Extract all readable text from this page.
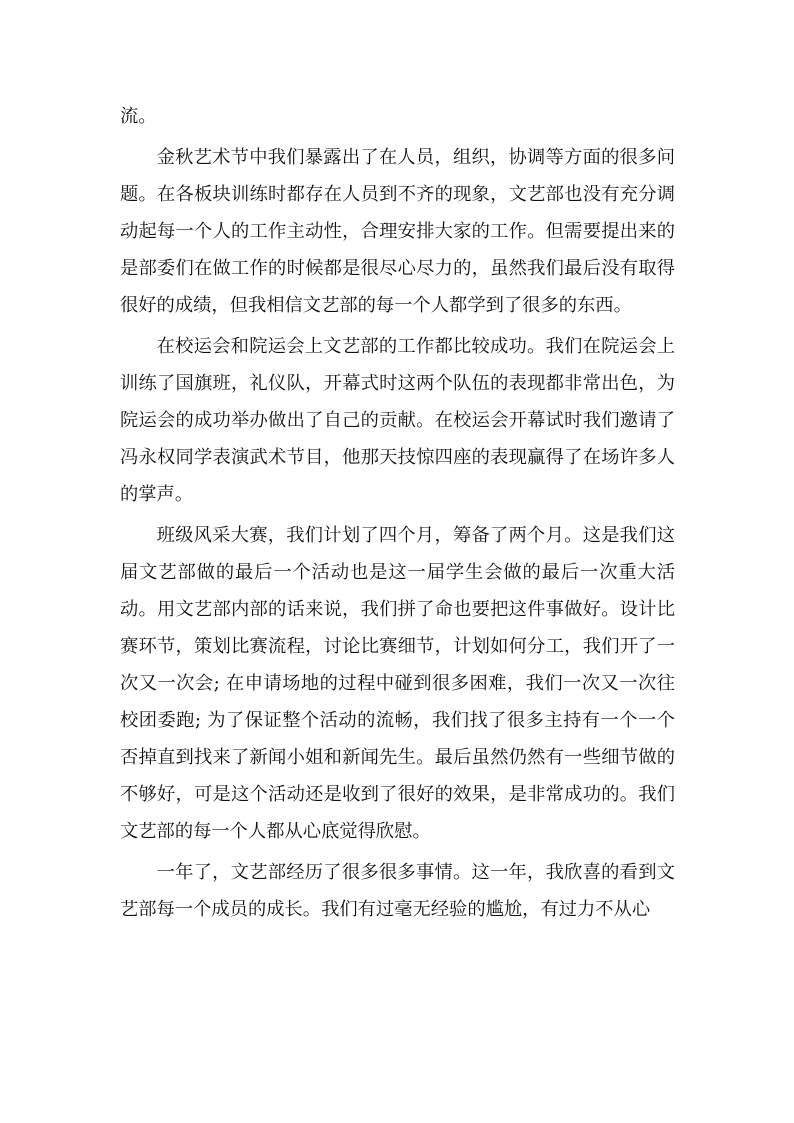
流。

金秋艺术节中我们暴露出了在人员，组织，协调等方面的很多问题。在各板块训练时都存在人员到不齐的现象，文艺部也没有充分调动起每一个人的工作主动性，合理安排大家的工作。但需要提出来的是部委们在做工作的时候都是很尽心尽力的，虽然我们最后没有取得很好的成绩，但我相信文艺部的每一个人都学到了很多的东西。

在校运会和院运会上文艺部的工作都比较成功。我们在院运会上训练了国旗班，礼仪队，开幕式时这两个队伍的表现都非常出色，为院运会的成功举办做出了自己的贡献。在校运会开幕试时我们邀请了冯永权同学表演武术节目，他那天技惊四座的表现赢得了在场许多人的掌声。

班级风采大赛，我们计划了四个月，筹备了两个月。这是我们这届文艺部做的最后一个活动也是这一届学生会做的最后一次重大活动。用文艺部内部的话来说，我们拼了命也要把这件事做好。设计比赛环节，策划比赛流程，讨论比赛细节，计划如何分工，我们开了一次又一次会; 在申请场地的过程中碰到很多困难，我们一次又一次往校团委跑; 为了保证整个活动的流畅，我们找了很多主持有一个一个否掉直到找来了新闻小姐和新闻先生。最后虽然仍然有一些细节做的不够好，可是这个活动还是收到了很好的效果，是非常成功的。我们文艺部的每一个人都从心底觉得欣慰。

一年了，文艺部经历了很多很多事情。这一年，我欣喜的看到文艺部每一个成员的成长。我们有过毫无经验的尴尬，有过力不从心
